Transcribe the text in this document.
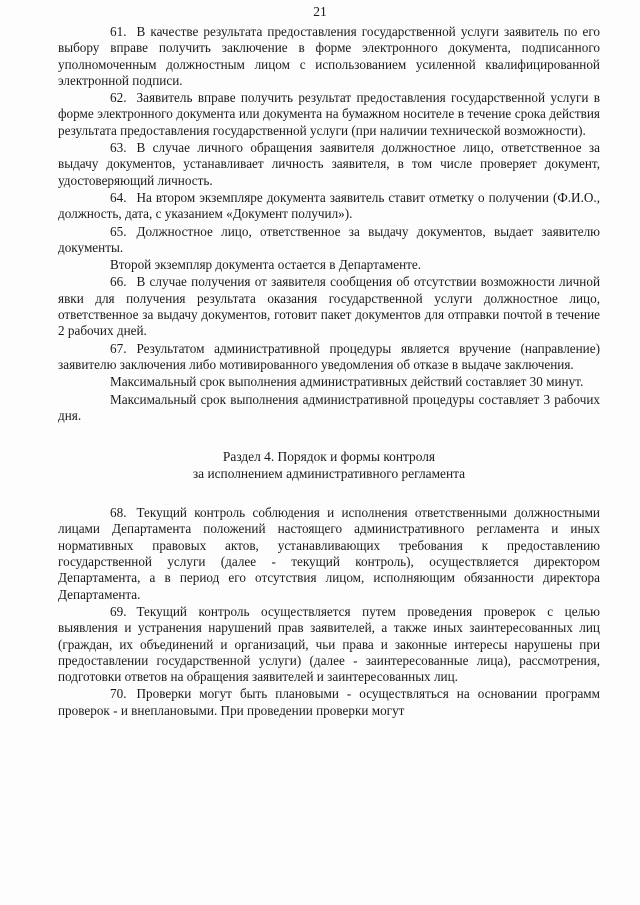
21

61. В качестве результата предоставления государственной услуги заявитель по его выбору вправе получить заключение в форме электронного документа, подписанного уполномоченным должностным лицом с использованием усиленной квалифицированной электронной подписи.

62. Заявитель вправе получить результат предоставления государственной услуги в форме электронного документа или документа на бумажном носителе в течение срока действия результата предоставления государственной услуги (при наличии технической возможности).

63. В случае личного обращения заявителя должностное лицо, ответственное за выдачу документов, устанавливает личность заявителя, в том числе проверяет документ, удостоверяющий личность.

64. На втором экземпляре документа заявитель ставит отметку о получении (Ф.И.О., должность, дата, с указанием «Документ получил»).

65. Должностное лицо, ответственное за выдачу документов, выдает заявителю документы.

Второй экземпляр документа остается в Департаменте.

66. В случае получения от заявителя сообщения об отсутствии возможности личной явки для получения результата оказания государственной услуги должностное лицо, ответственное за выдачу документов, готовит пакет документов для отправки почтой в течение 2 рабочих дней.

67. Результатом административной процедуры является вручение (направление) заявителю заключения либо мотивированного уведомления об отказе в выдаче заключения.

Максимальный срок выполнения административных действий составляет 30 минут.

Максимальный срок выполнения административной процедуры составляет 3 рабочих дня.

Раздел 4. Порядок и формы контроля
за исполнением административного регламента

68. Текущий контроль соблюдения и исполнения ответственными должностными лицами Департамента положений настоящего административного регламента и иных нормативных правовых актов, устанавливающих требования к предоставлению государственной услуги (далее - текущий контроль), осуществляется директором Департамента, а в период его отсутствия лицом, исполняющим обязанности директора Департамента.

69. Текущий контроль осуществляется путем проведения проверок с целью выявления и устранения нарушений прав заявителей, а также иных заинтересованных лиц (граждан, их объединений и организаций, чьи права и законные интересы нарушены при предоставлении государственной услуги) (далее - заинтересованные лица), рассмотрения, подготовки ответов на обращения заявителей и заинтересованных лиц.

70. Проверки могут быть плановыми - осуществляться на основании программ проверок - и внеплановыми. При проведении проверки могут
